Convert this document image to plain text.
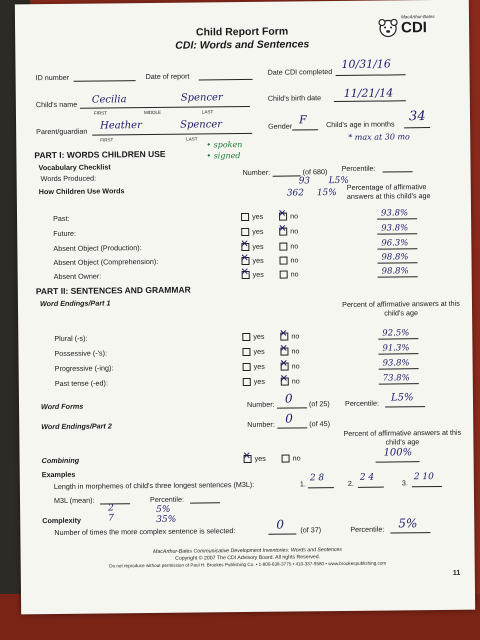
Child Report Form
CDI: Words and Sentences
MacArthur-Bates
CDI
ID number	Date of report	Date CDI completed
10/31/16
Child's name Cecilia	Spencer
FIRST	MIDDLE	LAST
Child's birth date 11/21/14
Parent/guardian Heather	Spencer
FIRST	LAST
Gender F	Child's age in months
34
* max at 30 mo
PART I: WORDS CHILDREN USE
• spoken
• signed
Vocabulary Checklist
Words Produced:
Number:	(of 680) Percentile:
93 L5%
362 15%
How Children Use Words	Percentage of affirmative answers at this child's age
Past:	yes ✕	no	93.8%
Future:	yes ✕	no	93.8%
Absent Object (Production): ✕	yes	no	96.3%
Absent Object (Comprehension): ✕	yes	no	98.8%
Absent Owner: ✕	yes	no	98.8%
PART II: SENTENCES AND GRAMMAR
Word Endings/Part 1	Percent of affirmative answers at this child's age
Plural (-s):	yes ✕	no	92.5%
Possessive (-'s):	yes ✕	no	91.3%
Progressive (-ing):	yes ✕	no	93.8%
Past tense (-ed):	yes ✕	no	73.8%
Word Forms	Number: 0 (of 25) Percentile: L5%
Word Endings/Part 2	Number: 0 (of 45)
Percent of affirmative answers at this child's age
Combining ✕	yes	no	100%
Examples
Length in morphemes of child's three longest sentences (M3L):	1.
2 8
2.
2 4
3.
2 10
M3L (mean):
2
Percentile:
5%
Complexity	7	35%
Number of times the more complex sentence is selected:	0 (of 37)	Percentile: 5%
MacArthur-Bates Communicative Development Inventories: Words and Sentences
Copyright © 2007 The CDI Advisory Board. All rights Reserved.
Do not reproduce without permission of Paul H. Brookes Publishing Co. • 1-800-638-3775 • 410-337-9580 • www.brookespublishing.com
11
